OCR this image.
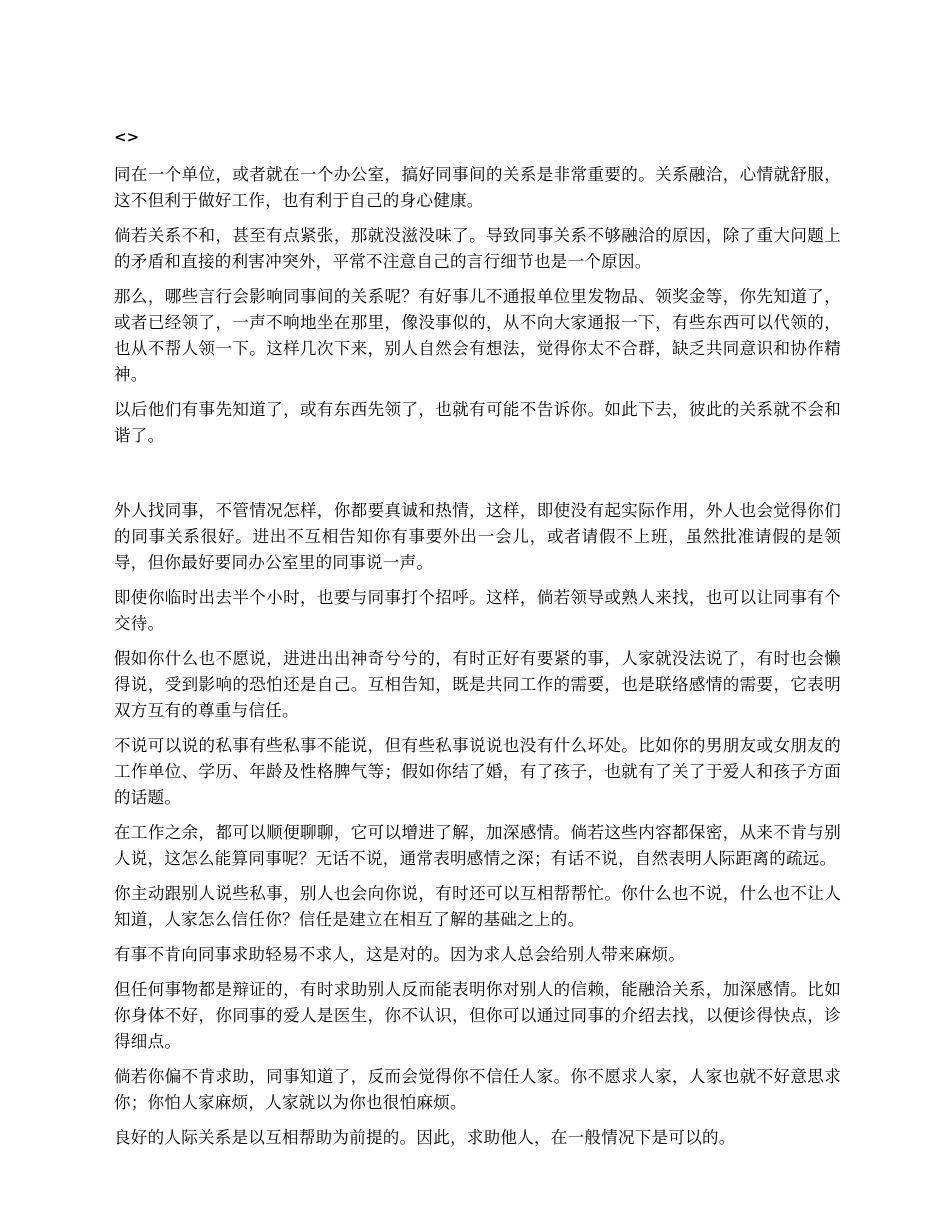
<>

同在一个单位，或者就在一个办公室，搞好同事间的关系是非常重要的。关系融洽，心情就舒服，这不但利于做好工作，也有利于自己的身心健康。

倘若关系不和，甚至有点紧张，那就没滋没味了。导致同事关系不够融洽的原因，除了重大问题上的矛盾和直接的利害冲突外，平常不注意自己的言行细节也是一个原因。

那么，哪些言行会影响同事间的关系呢？有好事儿不通报单位里发物品、领奖金等，你先知道了，或者已经领了，一声不响地坐在那里，像没事似的，从不向大家通报一下，有些东西可以代领的，也从不帮人领一下。这样几次下来，别人自然会有想法，觉得你太不合群，缺乏共同意识和协作精神。

以后他们有事先知道了，或有东西先领了，也就有可能不告诉你。如此下去，彼此的关系就不会和谐了。

外人找同事，不管情况怎样，你都要真诚和热情，这样，即使没有起实际作用，外人也会觉得你们的同事关系很好。进出不互相告知你有事要外出一会儿，或者请假不上班，虽然批准请假的是领导，但你最好要同办公室里的同事说一声。

即使你临时出去半个小时，也要与同事打个招呼。这样，倘若领导或熟人来找，也可以让同事有个交待。

假如你什么也不愿说，进进出出神奇兮兮的，有时正好有要紧的事，人家就没法说了，有时也会懒得说，受到影响的恐怕还是自己。互相告知，既是共同工作的需要，也是联络感情的需要，它表明双方互有的尊重与信任。

不说可以说的私事有些私事不能说，但有些私事说说也没有什么坏处。比如你的男朋友或女朋友的工作单位、学历、年龄及性格脾气等；假如你结了婚，有了孩子，也就有了关了于爱人和孩子方面的话题。

在工作之余，都可以顺便聊聊，它可以增进了解，加深感情。倘若这些内容都保密，从来不肯与别人说，这怎么能算同事呢？无话不说，通常表明感情之深；有话不说，自然表明人际距离的疏远。

你主动跟别人说些私事，别人也会向你说，有时还可以互相帮帮忙。你什么也不说，什么也不让人知道，人家怎么信任你？信任是建立在相互了解的基础之上的。

有事不肯向同事求助轻易不求人，这是对的。因为求人总会给别人带来麻烦。

但任何事物都是辩证的，有时求助别人反而能表明你对别人的信赖，能融洽关系，加深感情。比如你身体不好，你同事的爱人是医生，你不认识，但你可以通过同事的介绍去找，以便诊得快点，诊得细点。

倘若你偏不肯求助，同事知道了，反而会觉得你不信任人家。你不愿求人家，人家也就不好意思求你；你怕人家麻烦，人家就以为你也很怕麻烦。

良好的人际关系是以互相帮助为前提的。因此，求助他人，在一般情况下是可以的。
